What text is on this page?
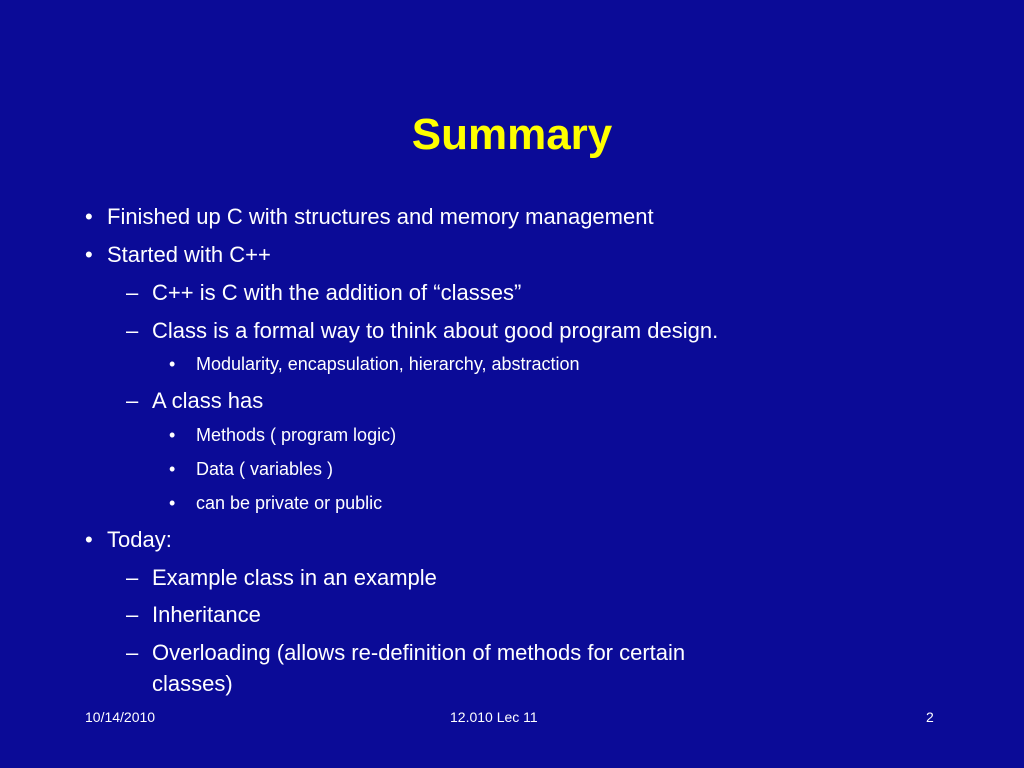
Summary
• Finished up C with structures and memory management
• Started with C++
– C++ is C with the addition of “classes”
– Class is a formal way to think about good program design.
• Modularity, encapsulation, hierarchy, abstraction
– A class has
• Methods ( program logic)
• Data ( variables )
• can be private or public
• Today:
– Example class in an example
– Inheritance
– Overloading (allows re-definition of methods for certain
classes)
10/14/2010	12.010 Lec 11	2
